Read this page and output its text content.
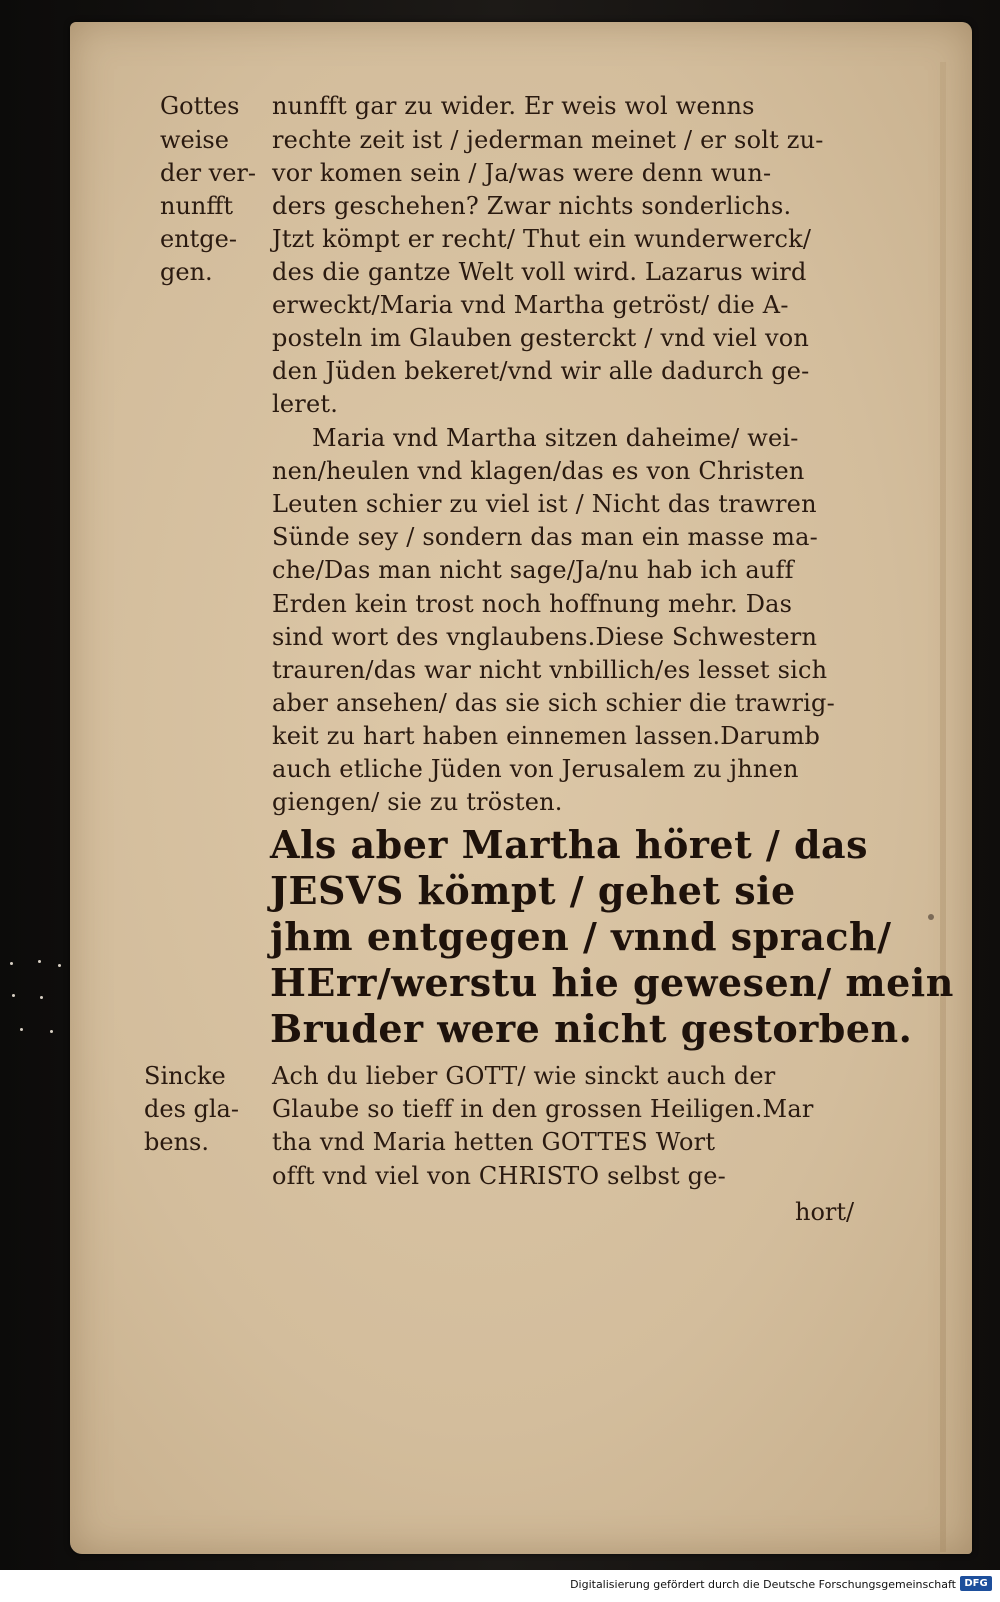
Gottes
weise
der ver-
nunfft
entge-
gen.
nunfft gar zu wider. Er weis wol wenns
rechte zeit ist / jederman meinet / er solt zu-
vor komen sein / Ja/was were denn wun-
ders geschehen? Zwar nichts sonderlichs.
Jtzt kömpt er recht/ Thut ein wunderwerck/
des die gantze Welt voll wird. Lazarus wird
erweckt/Maria vnd Martha getröst/ die A-
posteln im Glauben gesterckt / vnd viel von
den Jüden bekeret/vnd wir alle dadurch ge-
leret.
Maria vnd Martha sitzen daheime/ wei-
nen/heulen vnd klagen/das es von Christen
Leuten schier zu viel ist / Nicht das trawren
Sünde sey / sondern das man ein masse ma-
che/Das man nicht sage/Ja/nu hab ich auff
Erden kein trost noch hoffnung mehr. Das
sind wort des vnglaubens.Diese Schwestern
trauren/das war nicht vnbillich/es lesset sich
aber ansehen/ das sie sich schier die trawrig-
keit zu hart haben einnemen lassen.Darumb
auch etliche Jüden von Jerusalem zu jhnen
giengen/ sie zu trösten.
Als aber Martha höret / das
JESVS kömpt / gehet sie
jhm entgegen / vnnd sprach/
HErr/werstu hie gewesen/ mein
Bruder were nicht gestorben.
Sincke
des gla-
bens.
Ach du lieber GOTT/ wie sinckt auch der
Glaube so tieff in den grossen Heiligen.Mar
tha vnd Maria hetten GOTTES Wort
offt vnd viel von CHRISTO selbst ge-
hort/
Digitalisierung gefördert durch die Deutsche Forschungsgemeinschaft DFG
